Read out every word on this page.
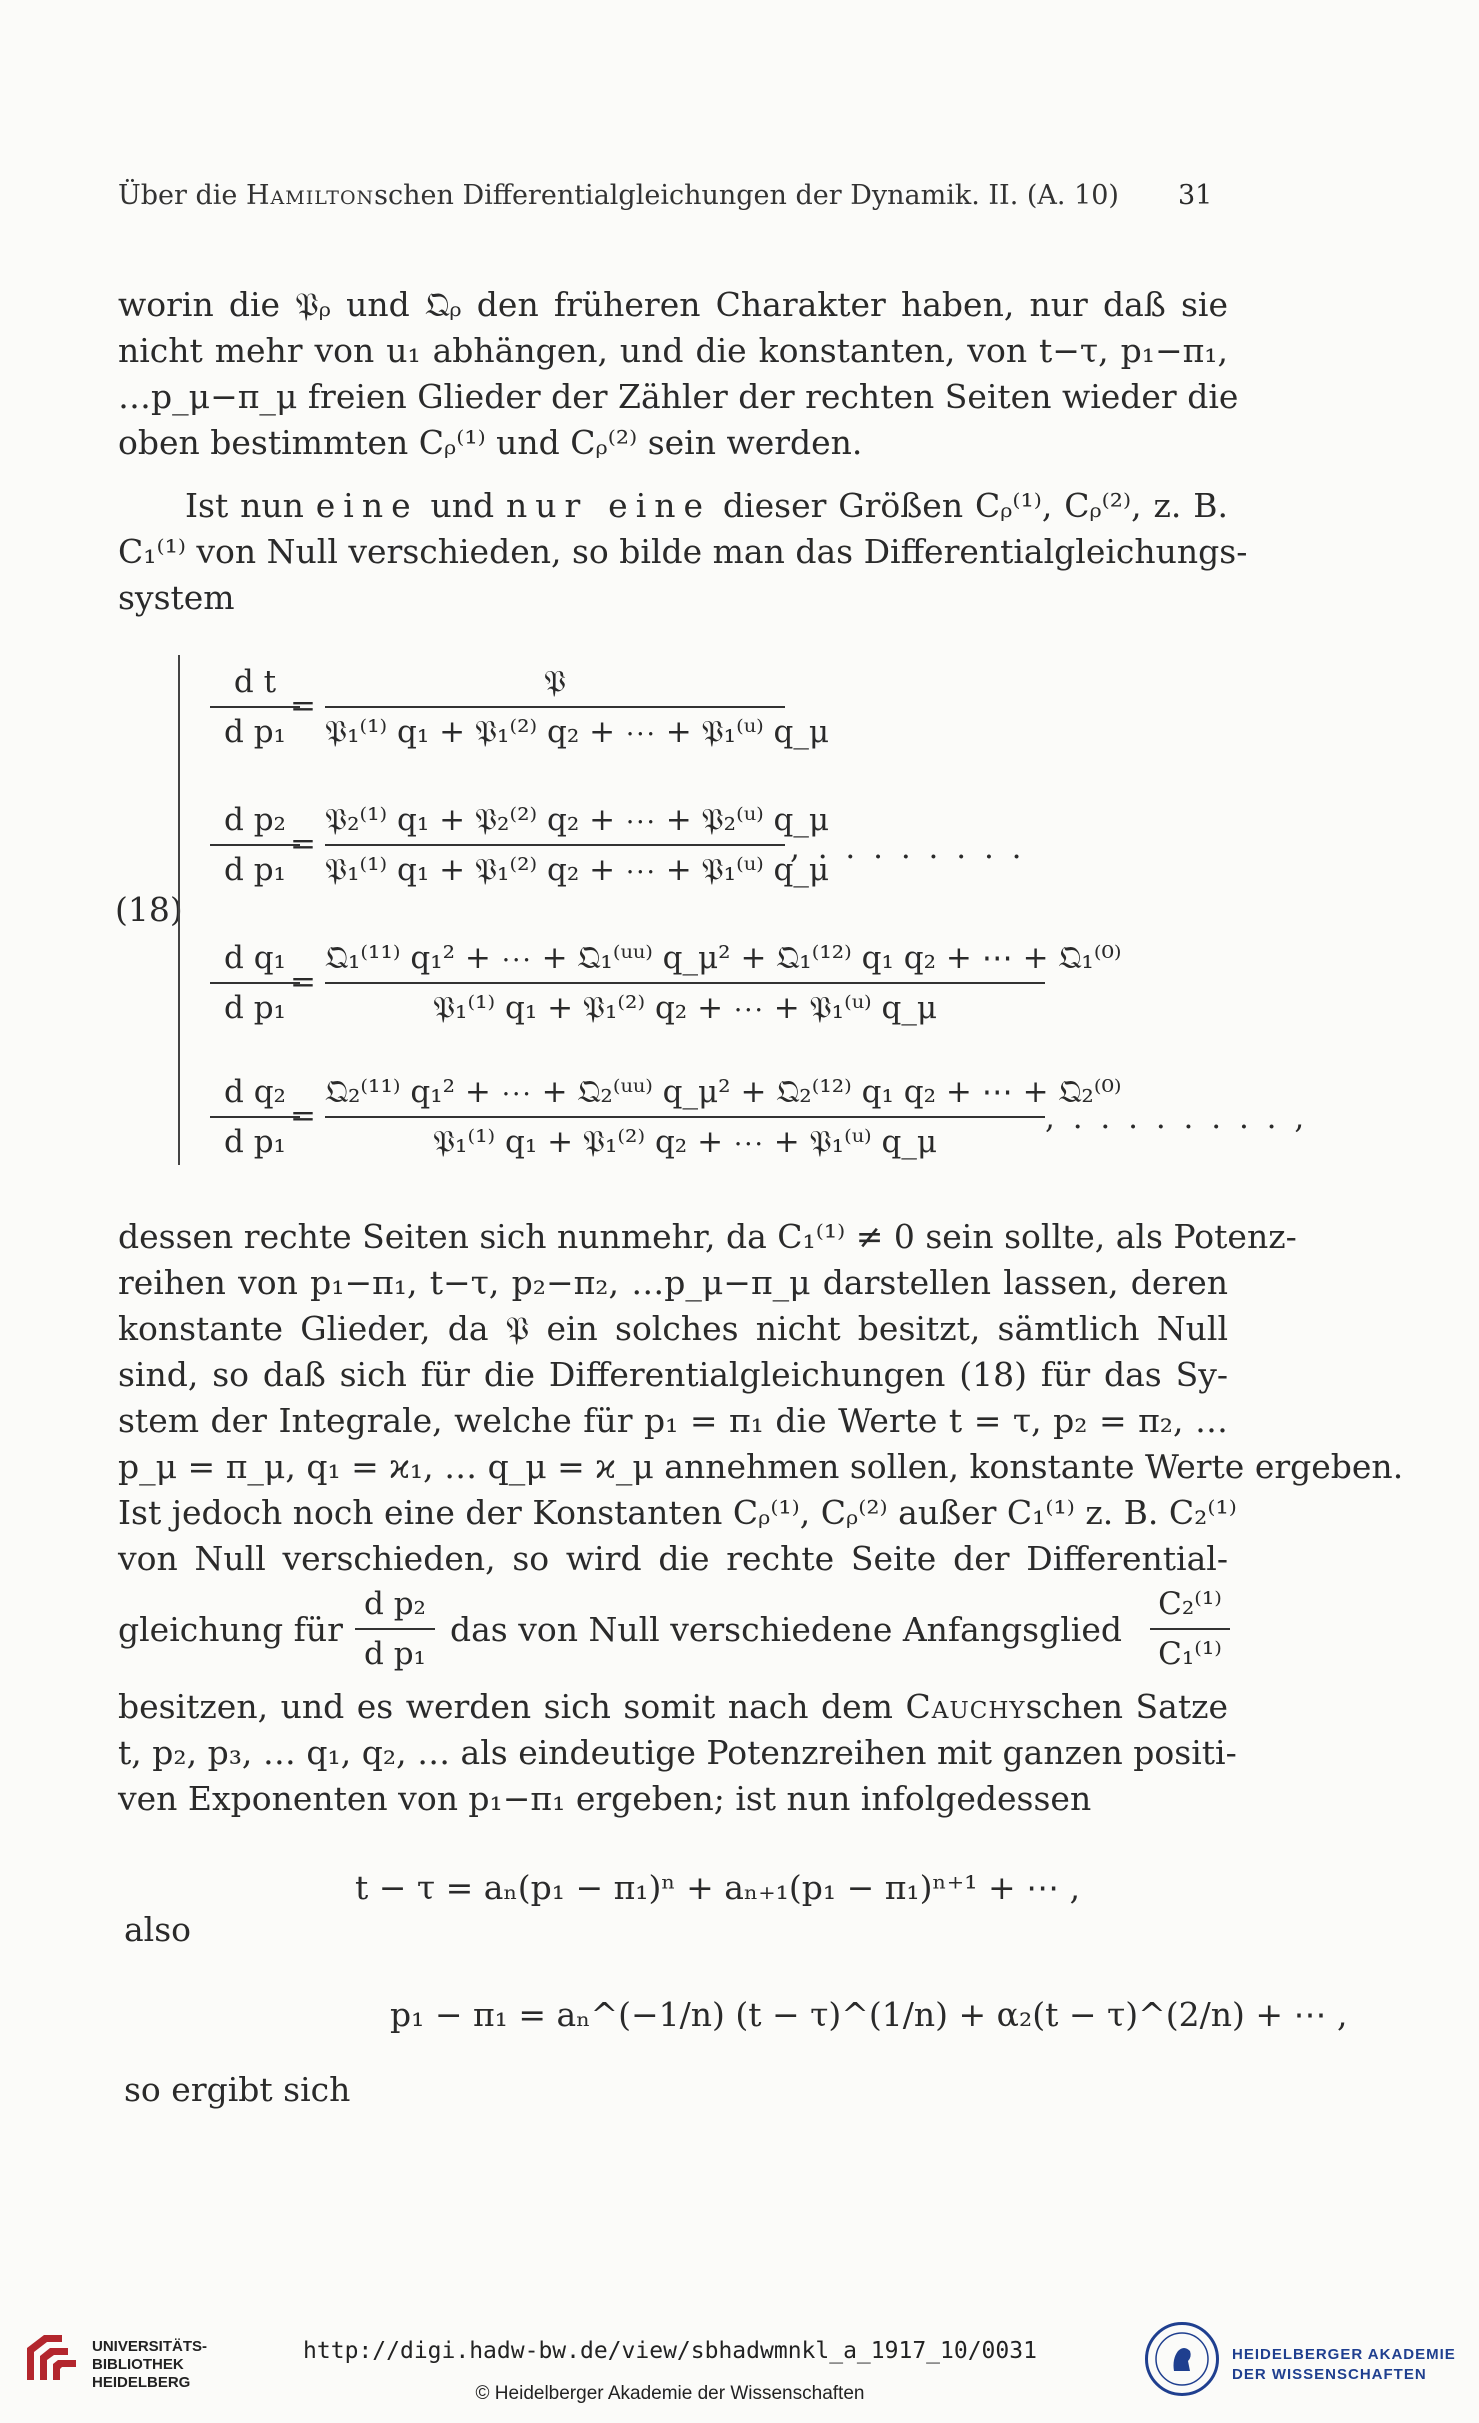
Über die Hamiltonschen Differentialgleichungen der Dynamik. II. (A. 10)	31
worin die 𝔓ᵨ und 𝔔ᵨ den früheren Charakter haben, nur daß sie
nicht mehr von u₁ abhängen, und die konstanten, von t−τ, p₁−π₁,
…p_μ−π_μ freien Glieder der Zähler der rechten Seiten wieder die
oben bestimmten Cᵨ⁽¹⁾ und Cᵨ⁽²⁾ sein werden.
Ist nun eine und nur eine dieser Größen Cᵨ⁽¹⁾, Cᵨ⁽²⁾, z. B.
C₁⁽¹⁾ von Null verschieden, so bilde man das Differentialgleichungs-
system
(18)
d t
d p₁
=
𝔓
𝔓₁⁽¹⁾ q₁ + 𝔓₁⁽²⁾ q₂ + ⋯ + 𝔓₁⁽ᵘ⁾ q_μ
d p₂
d p₁
=
𝔓₂⁽¹⁾ q₁ + 𝔓₂⁽²⁾ q₂ + ⋯ + 𝔓₂⁽ᵘ⁾ q_μ
𝔓₁⁽¹⁾ q₁ + 𝔓₁⁽²⁾ q₂ + ⋯ + 𝔓₁⁽ᵘ⁾ q_μ
, . . . . . . . .
d q₁
d p₁
=
𝔔₁⁽¹¹⁾ q₁² + ⋯ + 𝔔₁⁽ᵘᵘ⁾ q_μ² + 𝔔₁⁽¹²⁾ q₁ q₂ + ⋯ + 𝔔₁⁽⁰⁾
𝔓₁⁽¹⁾ q₁ + 𝔓₁⁽²⁾ q₂ + ⋯ + 𝔓₁⁽ᵘ⁾ q_μ
d q₂
d p₁
=
𝔔₂⁽¹¹⁾ q₁² + ⋯ + 𝔔₂⁽ᵘᵘ⁾ q_μ² + 𝔔₂⁽¹²⁾ q₁ q₂ + ⋯ + 𝔔₂⁽⁰⁾
𝔓₁⁽¹⁾ q₁ + 𝔓₁⁽²⁾ q₂ + ⋯ + 𝔓₁⁽ᵘ⁾ q_μ
, . . . . . . . . ,
dessen rechte Seiten sich nunmehr, da C₁⁽¹⁾ ≠ 0 sein sollte, als Potenz-
reihen von p₁−π₁, t−τ, p₂−π₂, …p_μ−π_μ darstellen lassen, deren
konstante Glieder, da 𝔓 ein solches nicht besitzt, sämtlich Null
sind, so daß sich für die Differentialgleichungen (18) für das Sy-
stem der Integrale, welche für p₁ = π₁ die Werte t = τ, p₂ = π₂, …
p_μ = π_μ, q₁ = ϰ₁, … q_μ = ϰ_μ annehmen sollen, konstante Werte ergeben.
Ist jedoch noch eine der Konstanten Cᵨ⁽¹⁾, Cᵨ⁽²⁾ außer C₁⁽¹⁾ z. B. C₂⁽¹⁾
von Null verschieden, so wird die rechte Seite der Differential-
gleichung für
d p₂
d p₁
das von Null verschiedene Anfangsglied
C₂⁽¹⁾
C₁⁽¹⁾
besitzen, und es werden sich somit nach dem Cauchyschen Satze
t, p₂, p₃, … q₁, q₂, … als eindeutige Potenzreihen mit ganzen positi-
ven Exponenten von p₁−π₁ ergeben; ist nun infolgedessen
t − τ = aₙ(p₁ − π₁)ⁿ + aₙ₊₁(p₁ − π₁)ⁿ⁺¹ + ⋯ ,
also
p₁ − π₁ = aₙ^(−1/n) (t − τ)^(1/n) + α₂(t − τ)^(2/n) + ⋯ ,
so ergibt sich
UNIVERSITÄTS-
BIBLIOTHEK
HEIDELBERG
http://digi.hadw-bw.de/view/sbhadwmnkl_a_1917_10/0031
© Heidelberger Akademie der Wissenschaften
HEIDELBERGER AKADEMIE
DER WISSENSCHAFTEN
